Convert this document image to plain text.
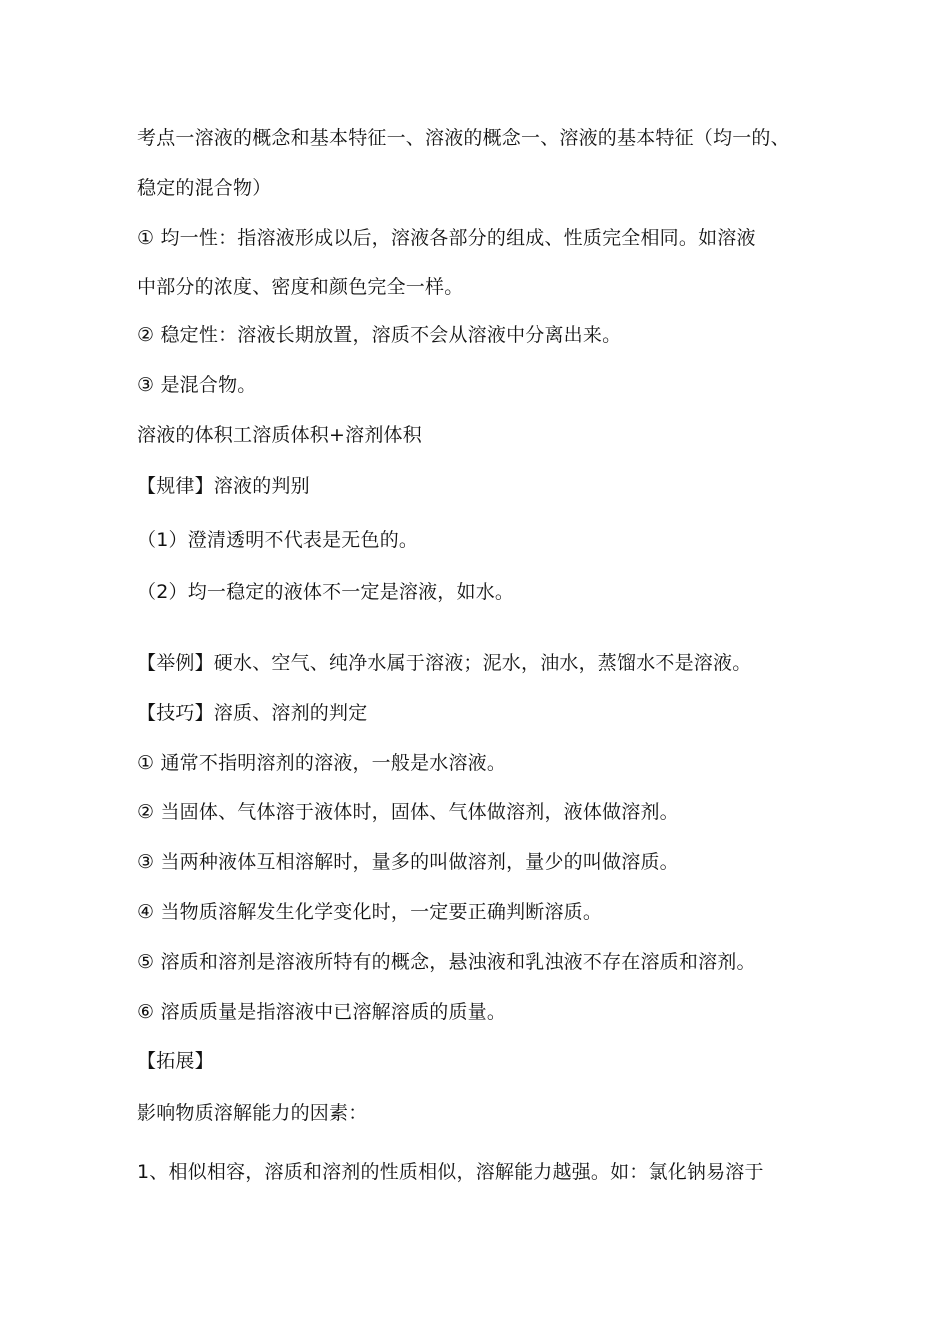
考点一溶液的概念和基本特征一、溶液的概念一、溶液的基本特征（均一的、
稳定的混合物）
① 均一性：指溶液形成以后，溶液各部分的组成、性质完全相同。如溶液
中部分的浓度、密度和颜色完全一样。
② 稳定性：溶液长期放置，溶质不会从溶液中分离出来。
③ 是混合物。
溶液的体积工溶质体积+溶剂体积
【规律】溶液的判别
（1）澄清透明不代表是无色的。
（2）均一稳定的液体不一定是溶液，如水。
【举例】硬水、空气、纯净水属于溶液；泥水，油水，蒸馏水不是溶液。
【技巧】溶质、溶剂的判定
① 通常不指明溶剂的溶液，一般是水溶液。
② 当固体、气体溶于液体时，固体、气体做溶剂，液体做溶剂。
③ 当两种液体互相溶解时，量多的叫做溶剂，量少的叫做溶质。
④ 当物质溶解发生化学变化时，一定要正确判断溶质。
⑤ 溶质和溶剂是溶液所特有的概念，悬浊液和乳浊液不存在溶质和溶剂。
⑥ 溶质质量是指溶液中已溶解溶质的质量。
【拓展】
影响物质溶解能力的因素：
1、相似相容，溶质和溶剂的性质相似，溶解能力越强。如：氯化钠易溶于
